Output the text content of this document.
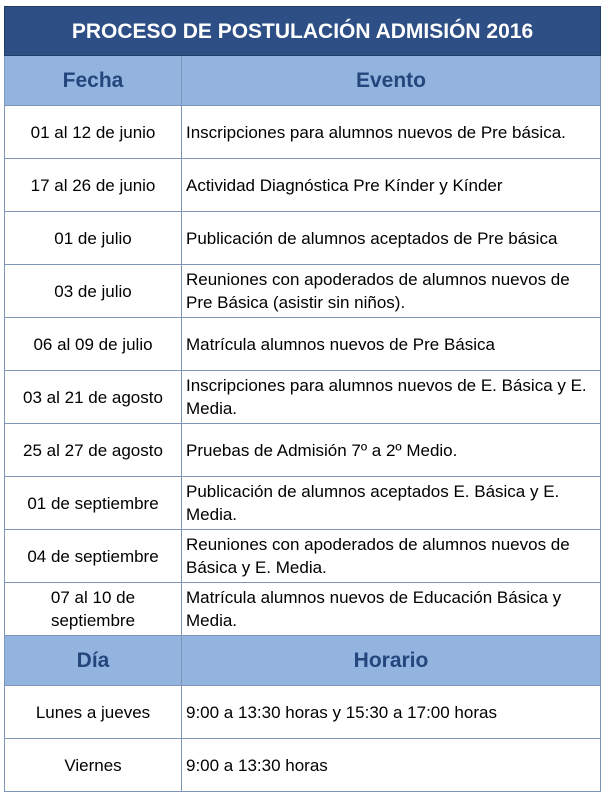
PROCESO DE POSTULACIÓN ADMISIÓN 2016	
Fecha	Evento
01 al 12 de junio	Inscripciones para alumnos nuevos de Pre básica.
17 al 26 de junio	Actividad Diagnóstica Pre Kínder y Kínder
01 de julio	Publicación de alumnos aceptados de Pre básica
03 de julio	Reuniones con apoderados de alumnos nuevos de Pre Básica (asistir sin niños).
06 al 09 de julio	Matrícula alumnos nuevos de Pre Básica
03 al 21 de agosto	Inscripciones para alumnos nuevos de E. Básica y E. Media.
25 al 27 de agosto	Pruebas de Admisión 7º a 2º Medio.
01 de septiembre	Publicación de alumnos aceptados E. Básica y E. Media.
04 de septiembre	Reuniones con apoderados de alumnos nuevos de Básica y E. Media.
07 al 10 de septiembre	Matrícula alumnos nuevos de Educación Básica y Media.
Día	Horario
Lunes a jueves	9:00 a 13:30 horas y 15:30 a 17:00 horas
Viernes	9:00 a 13:30 horas
